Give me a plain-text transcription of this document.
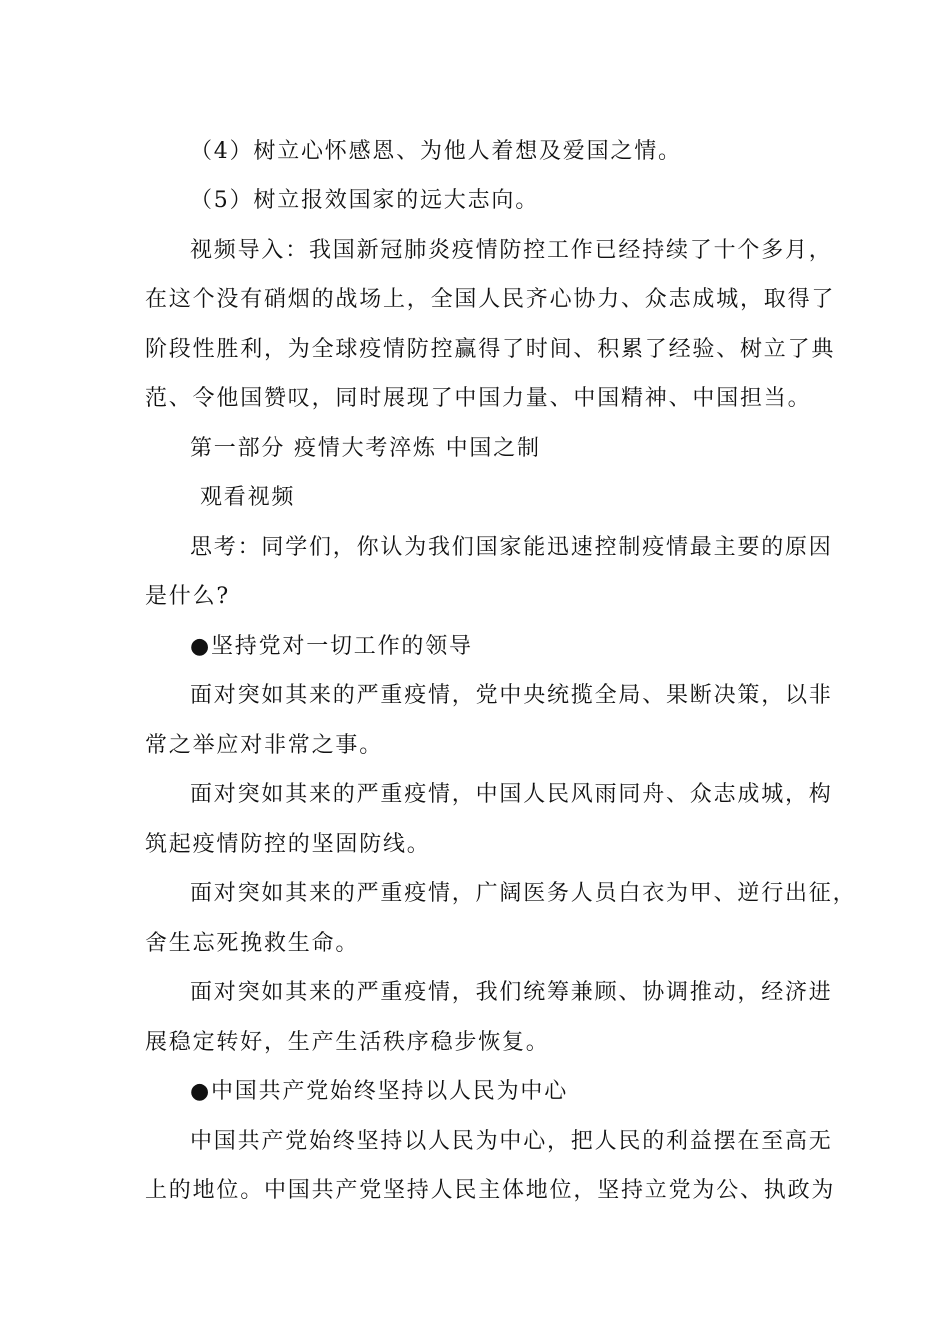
（4）树立心怀感恩、为他人着想及爱国之情。
（5）树立报效国家的远大志向。
视频导入：我国新冠肺炎疫情防控工作已经持续了十个多月，
在这个没有硝烟的战场上，全国人民齐心协力、众志成城，取得了
阶段性胜利，为全球疫情防控赢得了时间、积累了经验、树立了典
范、令他国赞叹，同时展现了中国力量、中国精神、中国担当。
第一部分 疫情大考淬炼 中国之制
观看视频
思考：同学们，你认为我们国家能迅速控制疫情最主要的原因
是什么?
●坚持党对一切工作的领导
面对突如其来的严重疫情，党中央统揽全局、果断决策，以非
常之举应对非常之事。
面对突如其来的严重疫情，中国人民风雨同舟、众志成城，构
筑起疫情防控的坚固防线。
面对突如其来的严重疫情，广阔医务人员白衣为甲、逆行出征，
舍生忘死挽救生命。
面对突如其来的严重疫情，我们统筹兼顾、协调推动，经济进
展稳定转好，生产生活秩序稳步恢复。
●中国共产党始终坚持以人民为中心
中国共产党始终坚持以人民为中心，把人民的利益摆在至高无
上的地位。中国共产党坚持人民主体地位，坚持立党为公、执政为
